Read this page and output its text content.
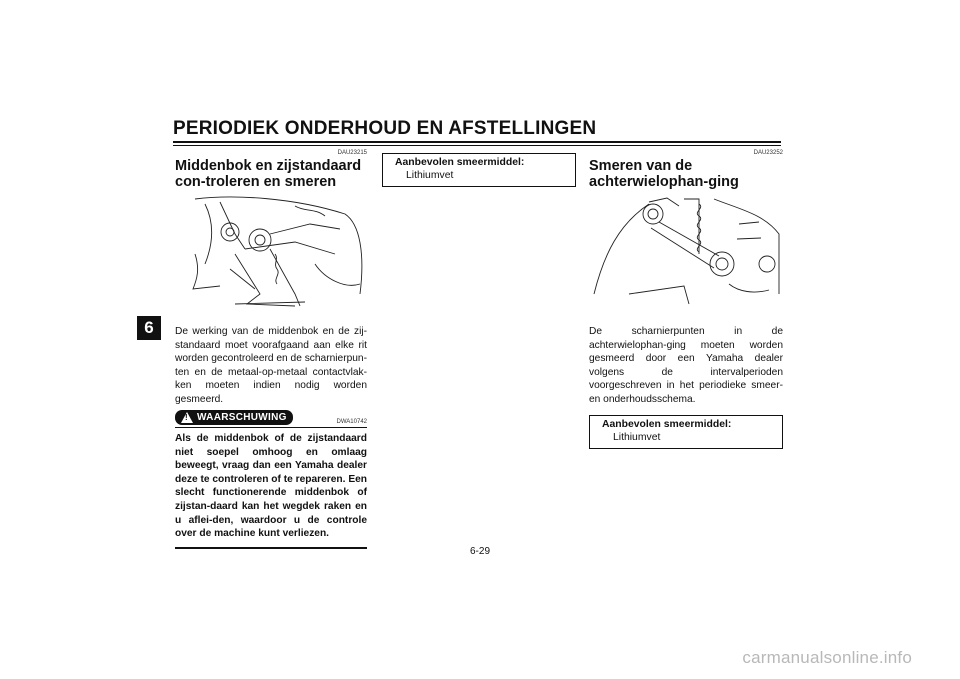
PERIODIEK ONDERHOUD EN AFSTELLINGEN
6
DAU23215
Middenbok en zijstandaard con-troleren en smeren

De werking van de middenbok en de zij-standaard moet voorafgaand aan elke rit worden gecontroleerd en de scharnierpun-ten en de metaal-op-metaal contactvlak-ken moeten indien nodig worden gesmeerd.

! WAARSCHUWING	DWA10742

Als de middenbok of de zijstandaard niet soepel omhoog en omlaag beweegt, vraag dan een Yamaha dealer deze te controleren of te repareren. Een slecht functionerende middenbok of zijstan-daard kan het wegdek raken en u aflei-den, waardoor u de controle over de machine kunt verliezen.

Aanbevolen smeermiddel:
Lithiumvet
DAU23252
Smeren van de achterwielophan-ging

De scharnierpunten in de achterwielophan-ging moeten worden gesmeerd door een Yamaha dealer volgens de intervalperioden voorgeschreven in het periodieke smeer- en onderhoudsschema.

Aanbevolen smeermiddel:
Lithiumvet
6-29
carmanualsonline.info
